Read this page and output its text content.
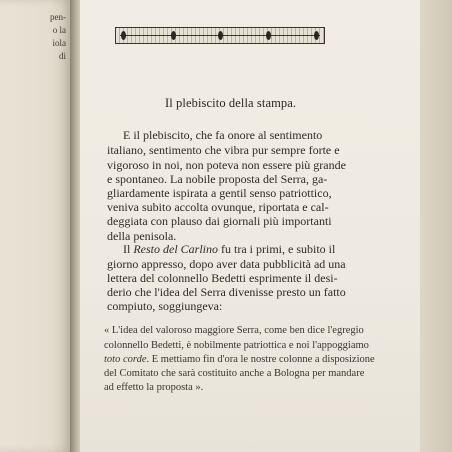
pen-
o la
iola
di
Il plebiscito della stampa.
E il plebiscito, che fa onore al sentimento
italiano, sentimento che vibra pur sempre forte e
vigoroso in noi, non poteva non essere più grande
e spontaneo. La nobile proposta del Serra, ga-
gliardamente ispirata a gentil senso patriottico,
veniva subito accolta ovunque, riportata e cal-
deggiata con plauso dai giornali più importanti
della penisola.
Il Resto del Carlino fu tra i primi, e subito il
giorno appresso, dopo aver data pubblicità ad una
lettera del colonnello Bedetti esprimente il desi-
derio che l'idea del Serra divenisse presto un fatto
compiuto, soggiungeva:
« L'idea del valoroso maggiore Serra, come ben dice l'egregio
colonnello Bedetti, è nobilmente patriottica e noi l'appoggiamo
toto corde. E mettiamo fin d'ora le nostre colonne a disposizione
del Comitato che sarà costituito anche a Bologna per mandare
ad effetto la proposta ».
